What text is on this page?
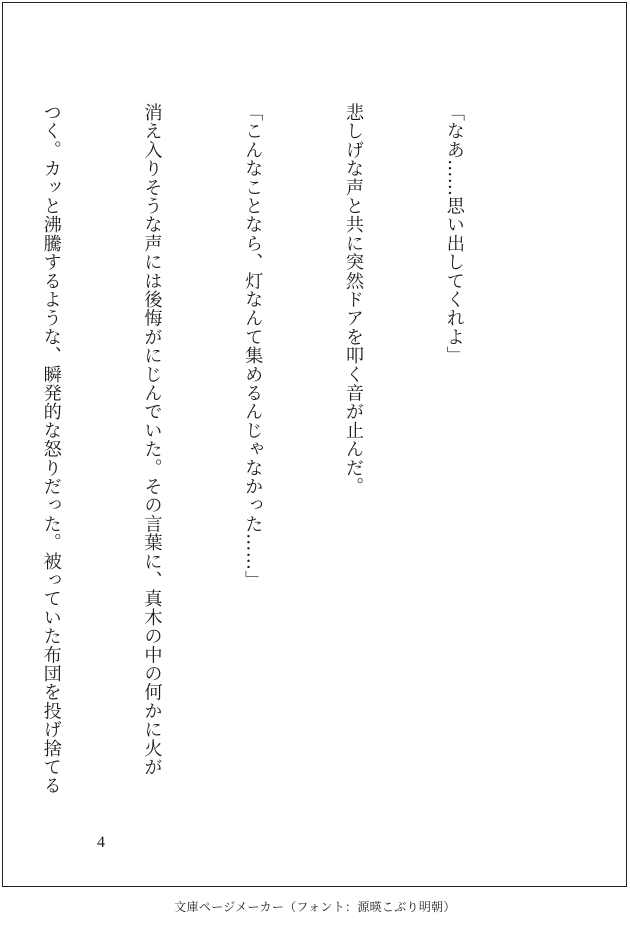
「なあ……思い出してくれよ」

悲しげな声と共に突然ドアを叩く音が止んだ。

「こんなことなら、灯なんて集めるんじゃなかった……」

消え入りそうな声には後悔がにじんでいた。その言葉に、真木の中の何かに火が

つく。カッと沸騰するような、瞬発的な怒りだった。被っていた布団を投げ捨てる

4
文庫ページメーカー（フォント：源暎こぶり明朝）
